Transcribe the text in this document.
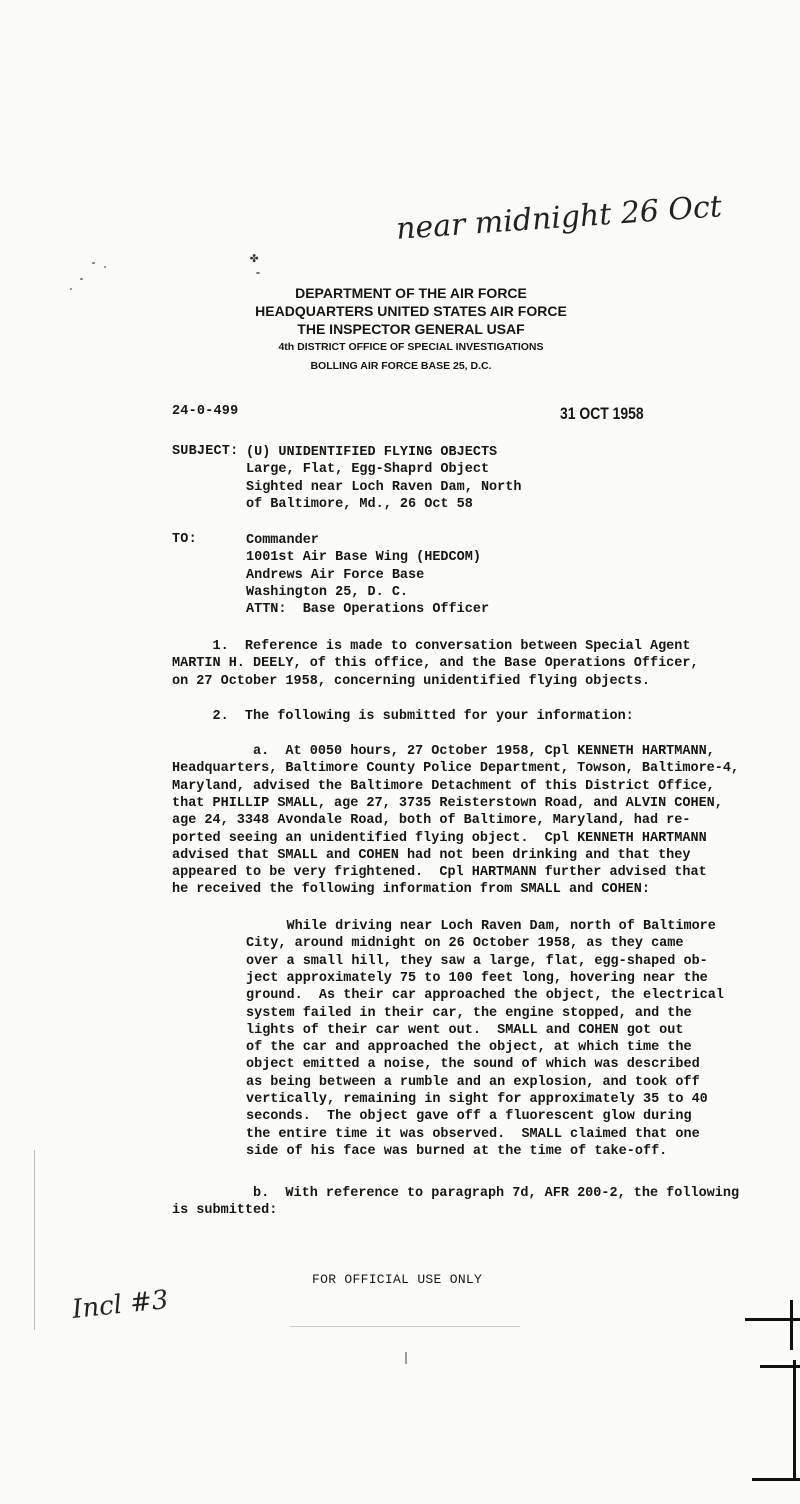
near midnight 26 Oct
✤
DEPARTMENT OF THE AIR FORCE
HEADQUARTERS UNITED STATES AIR FORCE
THE INSPECTOR GENERAL USAF
4th DISTRICT OFFICE OF SPECIAL INVESTIGATIONS
BOLLING AIR FORCE BASE 25, D.C.
24-0-499	31 OCT 1958
SUBJECT: (U) UNIDENTIFIED FLYING OBJECTS
Large, Flat, Egg-Shaprd Object
Sighted near Loch Raven Dam, North
of Baltimore, Md., 26 Oct 58
TO:	Commander
1001st Air Base Wing (HEDCOM)
Andrews Air Force Base
Washington 25, D. C.
ATTN:  Base Operations Officer
1.  Reference is made to conversation between Special Agent
MARTIN H. DEELY, of this office, and the Base Operations Officer,
on 27 October 1958, concerning unidentified flying objects.
2.  The following is submitted for your information:
a.  At 0050 hours, 27 October 1958, Cpl KENNETH HARTMANN,
Headquarters, Baltimore County Police Department, Towson, Baltimore-4,
Maryland, advised the Baltimore Detachment of this District Office,
that PHILLIP SMALL, age 27, 3735 Reisterstown Road, and ALVIN COHEN,
age 24, 3348 Avondale Road, both of Baltimore, Maryland, had re-
ported seeing an unidentified flying object.  Cpl KENNETH HARTMANN
advised that SMALL and COHEN had not been drinking and that they
appeared to be very frightened.  Cpl HARTMANN further advised that
he received the following information from SMALL and COHEN:
While driving near Loch Raven Dam, north of Baltimore
City, around midnight on 26 October 1958, as they came
over a small hill, they saw a large, flat, egg-shaped ob-
ject approximately 75 to 100 feet long, hovering near the
ground.  As their car approached the object, the electrical
system failed in their car, the engine stopped, and the
lights of their car went out.  SMALL and COHEN got out
of the car and approached the object, at which time the
object emitted a noise, the sound of which was described
as being between a rumble and an explosion, and took off
vertically, remaining in sight for approximately 35 to 40
seconds.  The object gave off a fluorescent glow during
the entire time it was observed.  SMALL claimed that one
side of his face was burned at the time of take-off.
b.  With reference to paragraph 7d, AFR 200-2, the following
is submitted:
FOR OFFICIAL USE ONLY
Incl #3
